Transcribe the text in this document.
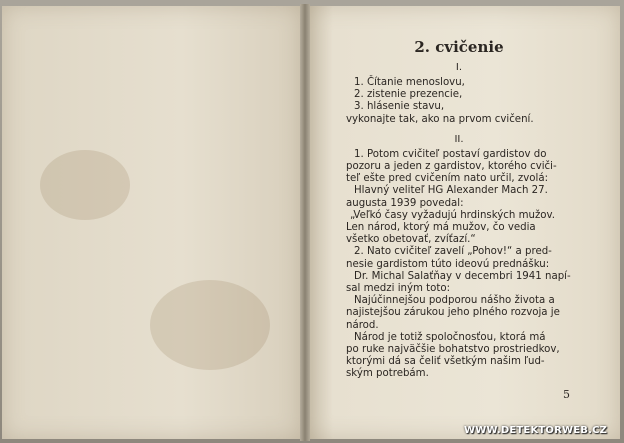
2. cvičenie
I.
1. Čítanie menoslovu,
2. zistenie prezencie,
3. hlásenie stavu,
vykonajte tak, ako na prvom cvičení.
II.
1. Potom cvičiteľ postaví gardistov do
pozoru a jeden z gardistov, ktorého cviči-
teľ ešte pred cvičením nato určil, zvolá:
Hlavný veliteľ HG Alexander Mach 27.
augusta 1939 povedal:
„Veľkó časy vyžadujú hrdinských mužov.
Len národ, ktorý má mužov, čo vedia
všetko obetovať, zvíťazí.“
2. Nato cvičiteľ zavelí „Pohov!“ a pred-
nesie gardistom túto ideovú prednášku:
Dr. Michal Salaťňay v decembri 1941 napí-
sal medzi iným toto:
Najúčinnejšou podporou nášho života a
najistejšou zárukou jeho plného rozvoja je
národ.
Národ je totiž spoločnosťou, ktorá má
po ruke najväčšie bohatstvo prostriedkov,
ktorými dá sa čeliť všetkým našim ľud-
ským potrebám.
5
WWW.DETEKTORWEB.CZ
